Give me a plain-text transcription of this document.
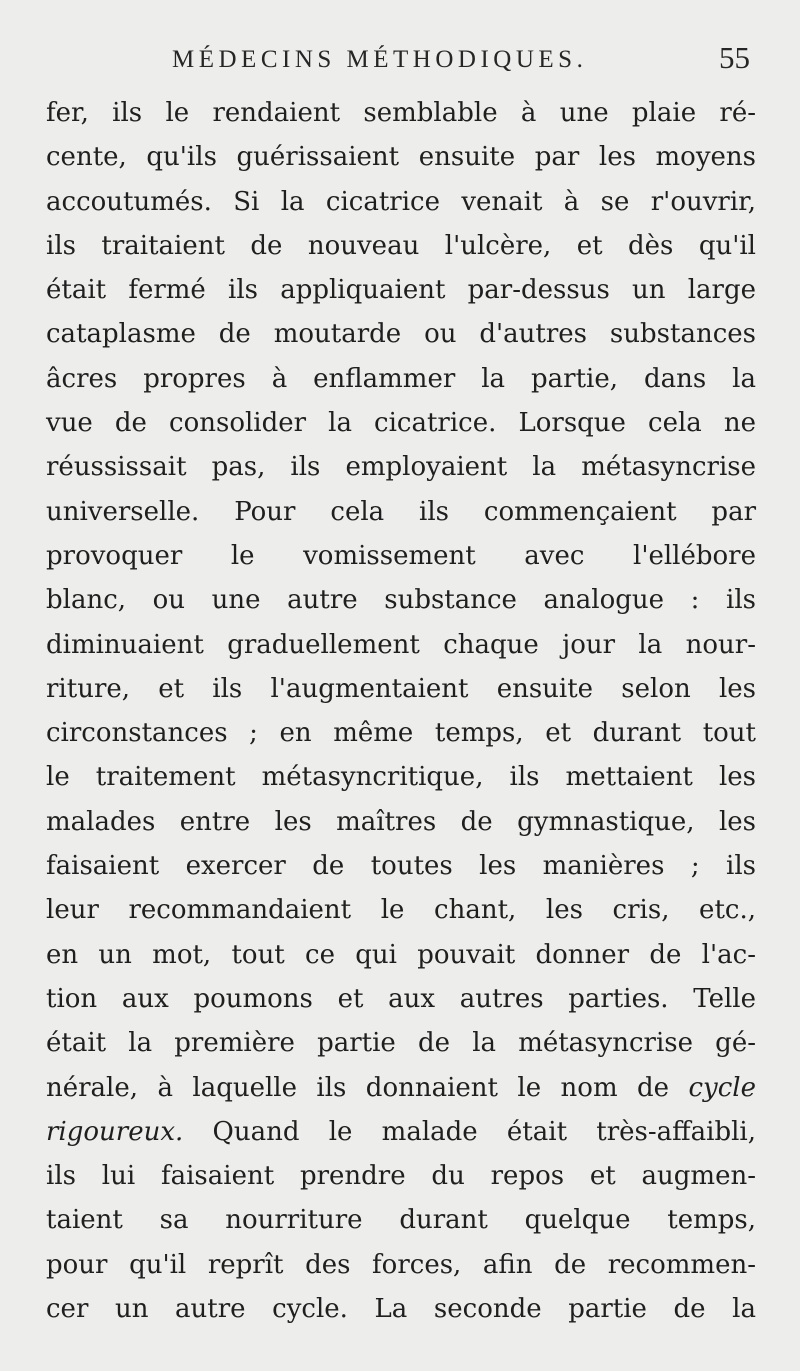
MÉDECINS MÉTHODIQUES.	55
fer, ils le rendaient semblable à une plaie ré-
cente, qu'ils guérissaient ensuite par les moyens
accoutumés. Si la cicatrice venait à se r'ouvrir,
ils traitaient de nouveau l'ulcère, et dès qu'il
était fermé ils appliquaient par-dessus un large
cataplasme de moutarde ou d'autres substances
âcres propres à enflammer la partie, dans la
vue de consolider la cicatrice. Lorsque cela ne
réussissait pas, ils employaient la métasyncrise
universelle. Pour cela ils commençaient par
provoquer le vomissement avec l'ellébore
blanc, ou une autre substance analogue : ils
diminuaient graduellement chaque jour la nour-
riture, et ils l'augmentaient ensuite selon les
circonstances ; en même temps, et durant tout
le traitement métasyncritique, ils mettaient les
malades entre les maîtres de gymnastique, les
faisaient exercer de toutes les manières ; ils
leur recommandaient le chant, les cris, etc.,
en un mot, tout ce qui pouvait donner de l'ac-
tion aux poumons et aux autres parties. Telle
était la première partie de la métasyncrise gé-
nérale, à laquelle ils donnaient le nom de cycle
rigoureux. Quand le malade était très-affaibli,
ils lui faisaient prendre du repos et augmen-
taient sa nourriture durant quelque temps,
pour qu'il reprît des forces, afin de recommen-
cer un autre cycle. La seconde partie de la
